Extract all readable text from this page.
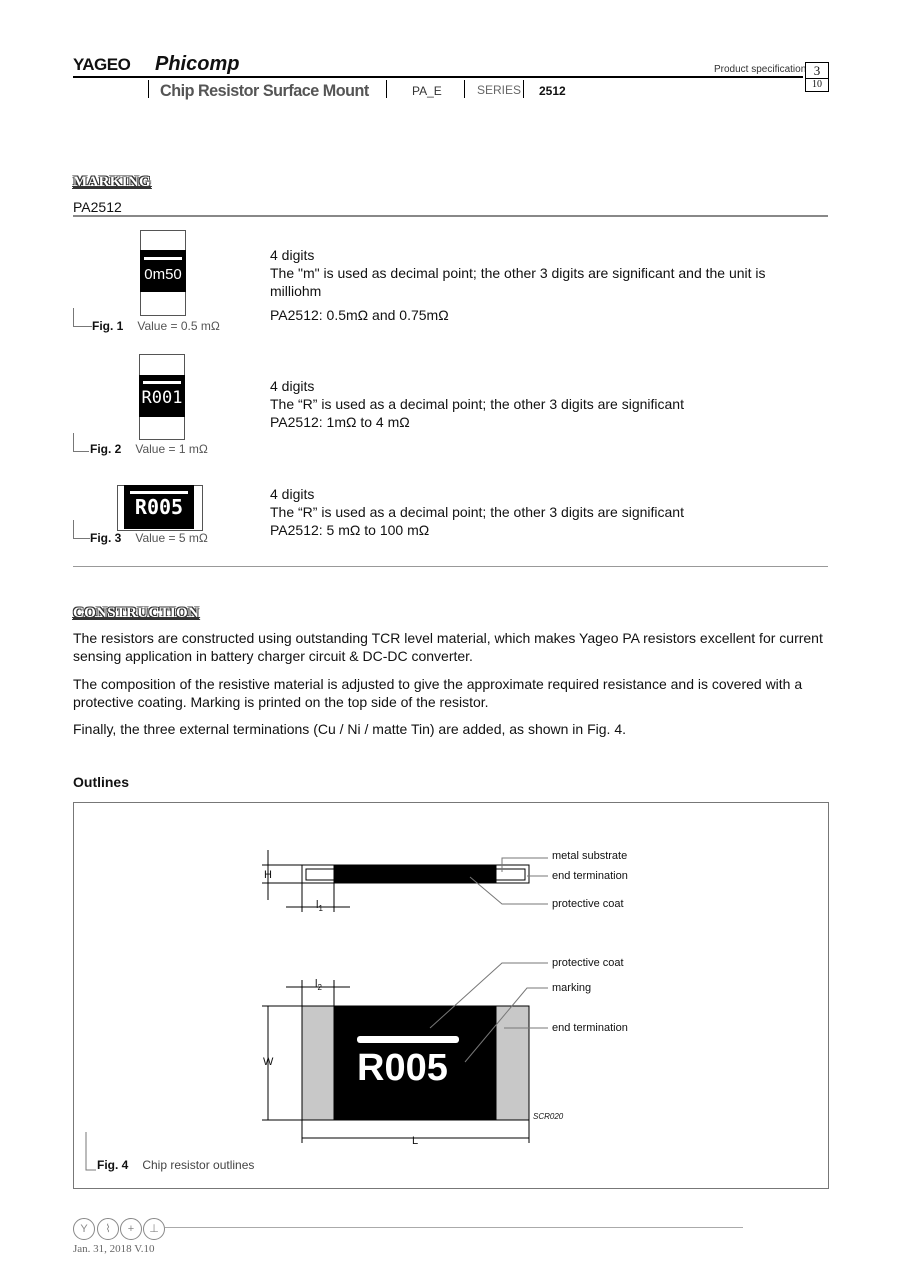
YAGEO Phicomp	Product specification
Chip Resistor Surface Mount	PA_E	SERIES 2512
3
10
MARKING
PA2512
0m50
Fig. 1 Value = 0.5 mΩ
4 digits
The "m" is used as decimal point; the other 3 digits are significant and the unit is milliohm
PA2512: 0.5mΩ and 0.75mΩ
R001
Fig. 2 Value = 1 mΩ
4 digits
The “R” is used as a decimal point; the other 3 digits are significant
PA2512: 1mΩ to 4 mΩ
R005
Fig. 3 Value = 5 mΩ
4 digits
The “R” is used as a decimal point; the other 3 digits are significant
PA2512: 5 mΩ to 100 mΩ
CONSTRUCTION
The resistors are constructed using outstanding TCR level material, which makes Yageo PA resistors excellent for current sensing application in battery charger circuit & DC-DC converter.
The composition of the resistive material is adjusted to give the approximate required resistance and is covered with a protective coating. Marking is printed on the top side of the resistor.
Finally, the three external terminations (Cu / Ni / matte Tin) are added, as shown in Fig. 4.
Outlines
metal substrate
end termination
protective coat
protective coat
marking
end termination
H
$l_1$
$l_2$
W
L
R005
SCR020
Fig. 4 Chip resistor outlines
Y	⌇	+	⊥
Jan. 31, 2018 V.10
